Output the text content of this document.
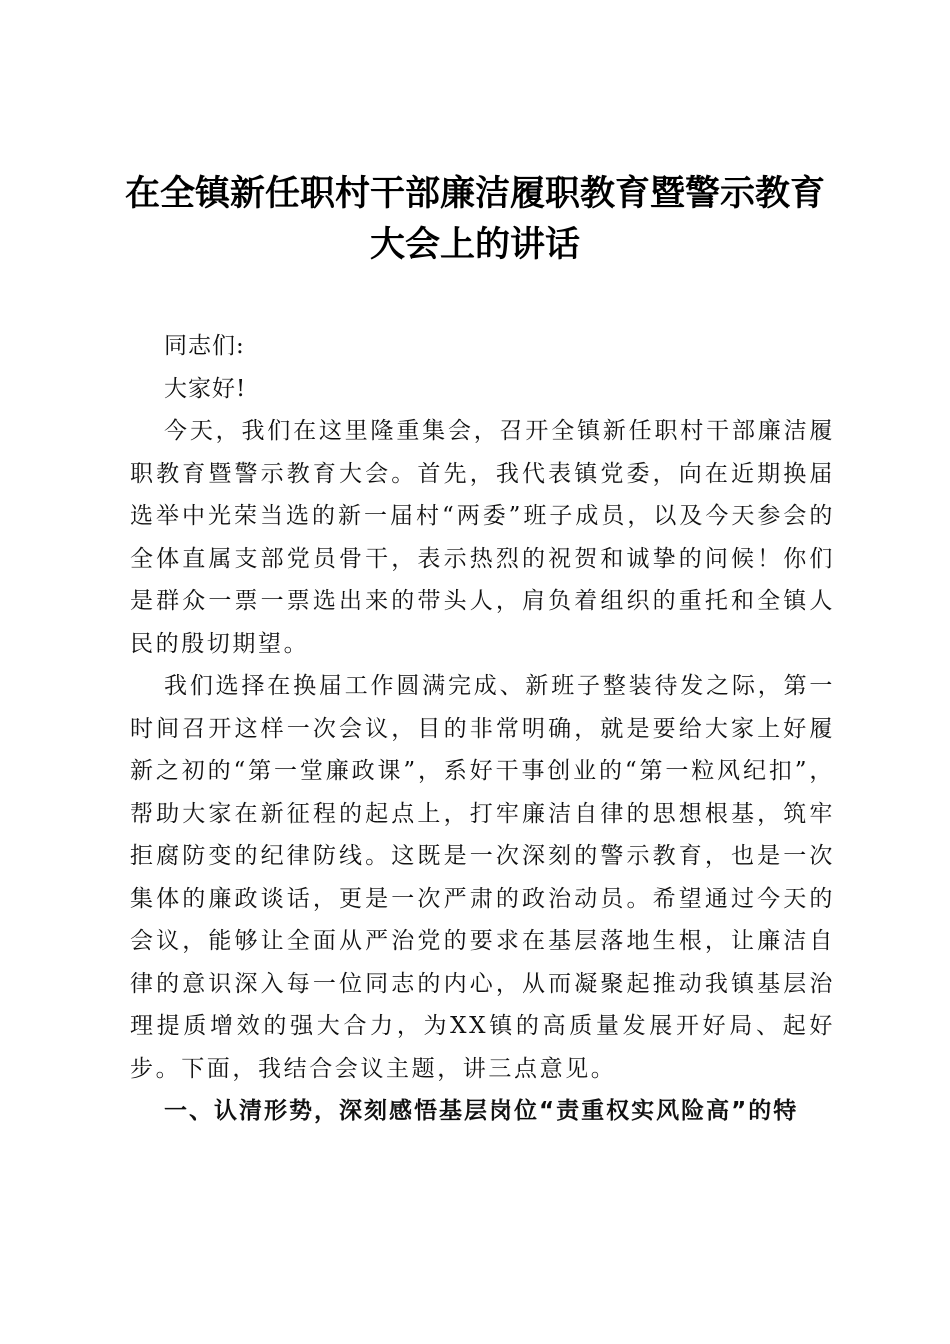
在全镇新任职村干部廉洁履职教育暨警示教育
大会上的讲话

同志们:

大家好!

今天，我们在这里隆重集会，召开全镇新任职村干部廉洁履职教育暨警示教育大会。首先，我代表镇党委，向在近期换届选举中光荣当选的新一届村“两委”班子成员，以及今天参会的全体直属支部党员骨干，表示热烈的祝贺和诚挚的问候！你们是群众一票一票选出来的带头人，肩负着组织的重托和全镇人民的殷切期望。

我们选择在换届工作圆满完成、新班子整装待发之际，第一时间召开这样一次会议，目的非常明确，就是要给大家上好履新之初的“第一堂廉政课”，系好干事创业的“第一粒风纪扣”，帮助大家在新征程的起点上，打牢廉洁自律的思想根基，筑牢拒腐防变的纪律防线。这既是一次深刻的警示教育，也是一次集体的廉政谈话，更是一次严肃的政治动员。希望通过今天的会议，能够让全面从严治党的要求在基层落地生根，让廉洁自律的意识深入每一位同志的内心，从而凝聚起推动我镇基层治理提质增效的强大合力，为XX镇的高质量发展开好局、起好步。下面，我结合会议主题，讲三点意见。

一、认清形势，深刻感悟基层岗位“责重权实风险高”的特
